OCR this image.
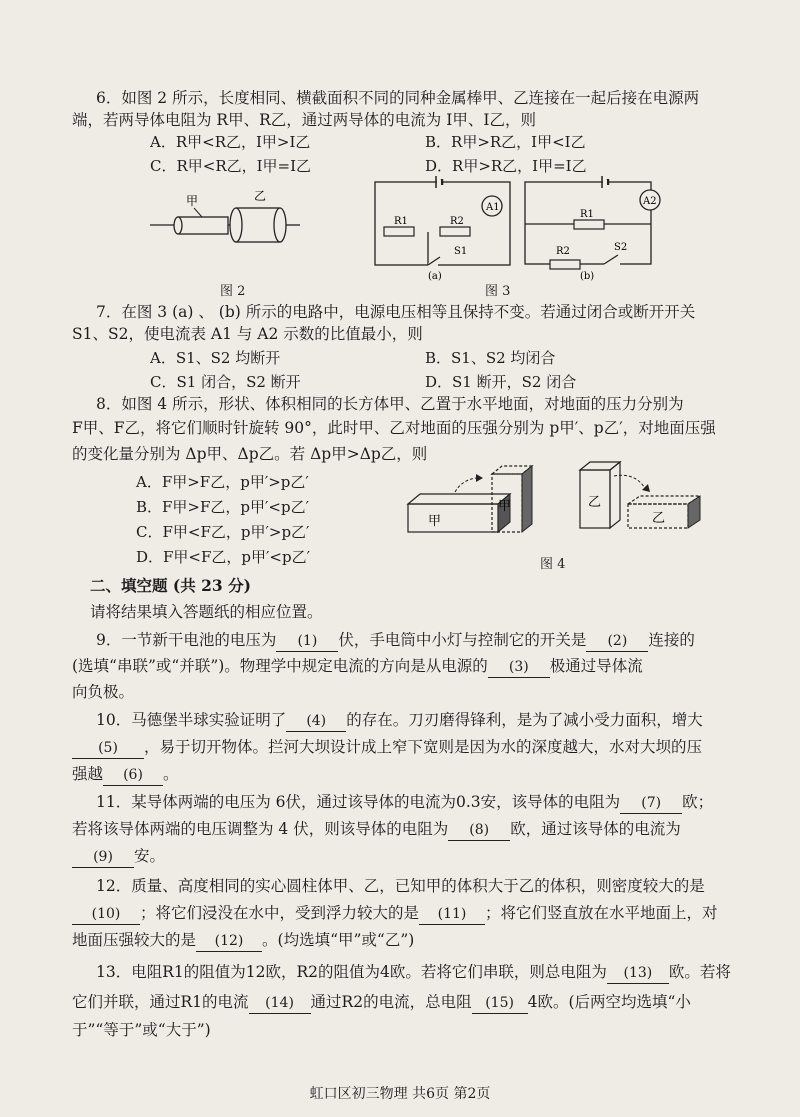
6．如图 2 所示，长度相同、横截面积不同的同种金属棒甲、乙连接在一起后接在电源两

端，若两导体电阻为 R甲、R乙，通过两导体的电流为 I甲、I乙，则

A．R甲<R乙，I甲>I乙
C．R甲<R乙，I甲=I乙
B．R甲>R乙，I甲<I乙
D．R甲>R乙，I甲=I乙
甲	乙
图 2
A1
R1	R2
S1
(a)
A2
R1
R2	S2
(b)
图 3

7．在图 3 (a) 、 (b) 所示的电路中，电源电压相等且保持不变。若通过闭合或断开开关

S1、S2，使电流表 A1 与 A2 示数的比值最小，则

A．S1、S2 均断开
C．S1 闭合，S2 断开
B．S1、S2 均闭合
D．S1 断开，S2 闭合

8．如图 4 所示，形状、体积相同的长方体甲、乙置于水平地面，对地面的压力分别为

F甲、F乙，将它们顺时针旋转 90°，此时甲、乙对地面的压强分别为 p甲′、p乙′，对地面压强

的变化量分别为 Δp甲、Δp乙。若 Δp甲>Δp乙，则

A．F甲>F乙，p甲′>p乙′
B．F甲>F乙，p甲′<p乙′
C．F甲<F乙，p甲′>p乙′
D．F甲<F乙，p甲′<p乙′
甲
甲	乙
乙
图 4
二、填空题 (共 23 分)
请将结果填入答题纸的相应位置。
9．一节新干电池的电压为 (1) 伏，手电筒中小灯与控制它的开关是 (2) 连接的
(选填“串联”或“并联”)。物理学中规定电流的方向是从电源的 (3) 极通过导体流
向负极。
10．马德堡半球实验证明了 (4) 的存在。刀刃磨得锋利，是为了减小受力面积，增大
(5) ，易于切开物体。拦河大坝设计成上窄下宽则是因为水的深度越大，水对大坝的压
强越 (6) 。
11．某导体两端的电压为 6伏，通过该导体的电流为0.3安，该导体的电阻为 (7) 欧；
若将该导体两端的电压调整为 4 伏，则该导体的电阻为 (8) 欧，通过该导体的电流为
(9) 安。
12．质量、高度相同的实心圆柱体甲、乙，已知甲的体积大于乙的体积，则密度较大的是
(10) ；将它们浸没在水中，受到浮力较大的是 (11) ；将它们竖直放在水平地面上，对
地面压强较大的是 (12) 。(均选填“甲”或“乙”)
13．电阻R1的阻值为12欧，R2的阻值为4欧。若将它们串联，则总电阻为 (13) 欧。若将
它们并联，通过R1的电流 (14) 通过R2的电流，总电阻 (15) 4欧。(后两空均选填“小
于”“等于”或“大于”)
虹口区初三物理 共6页 第2页
